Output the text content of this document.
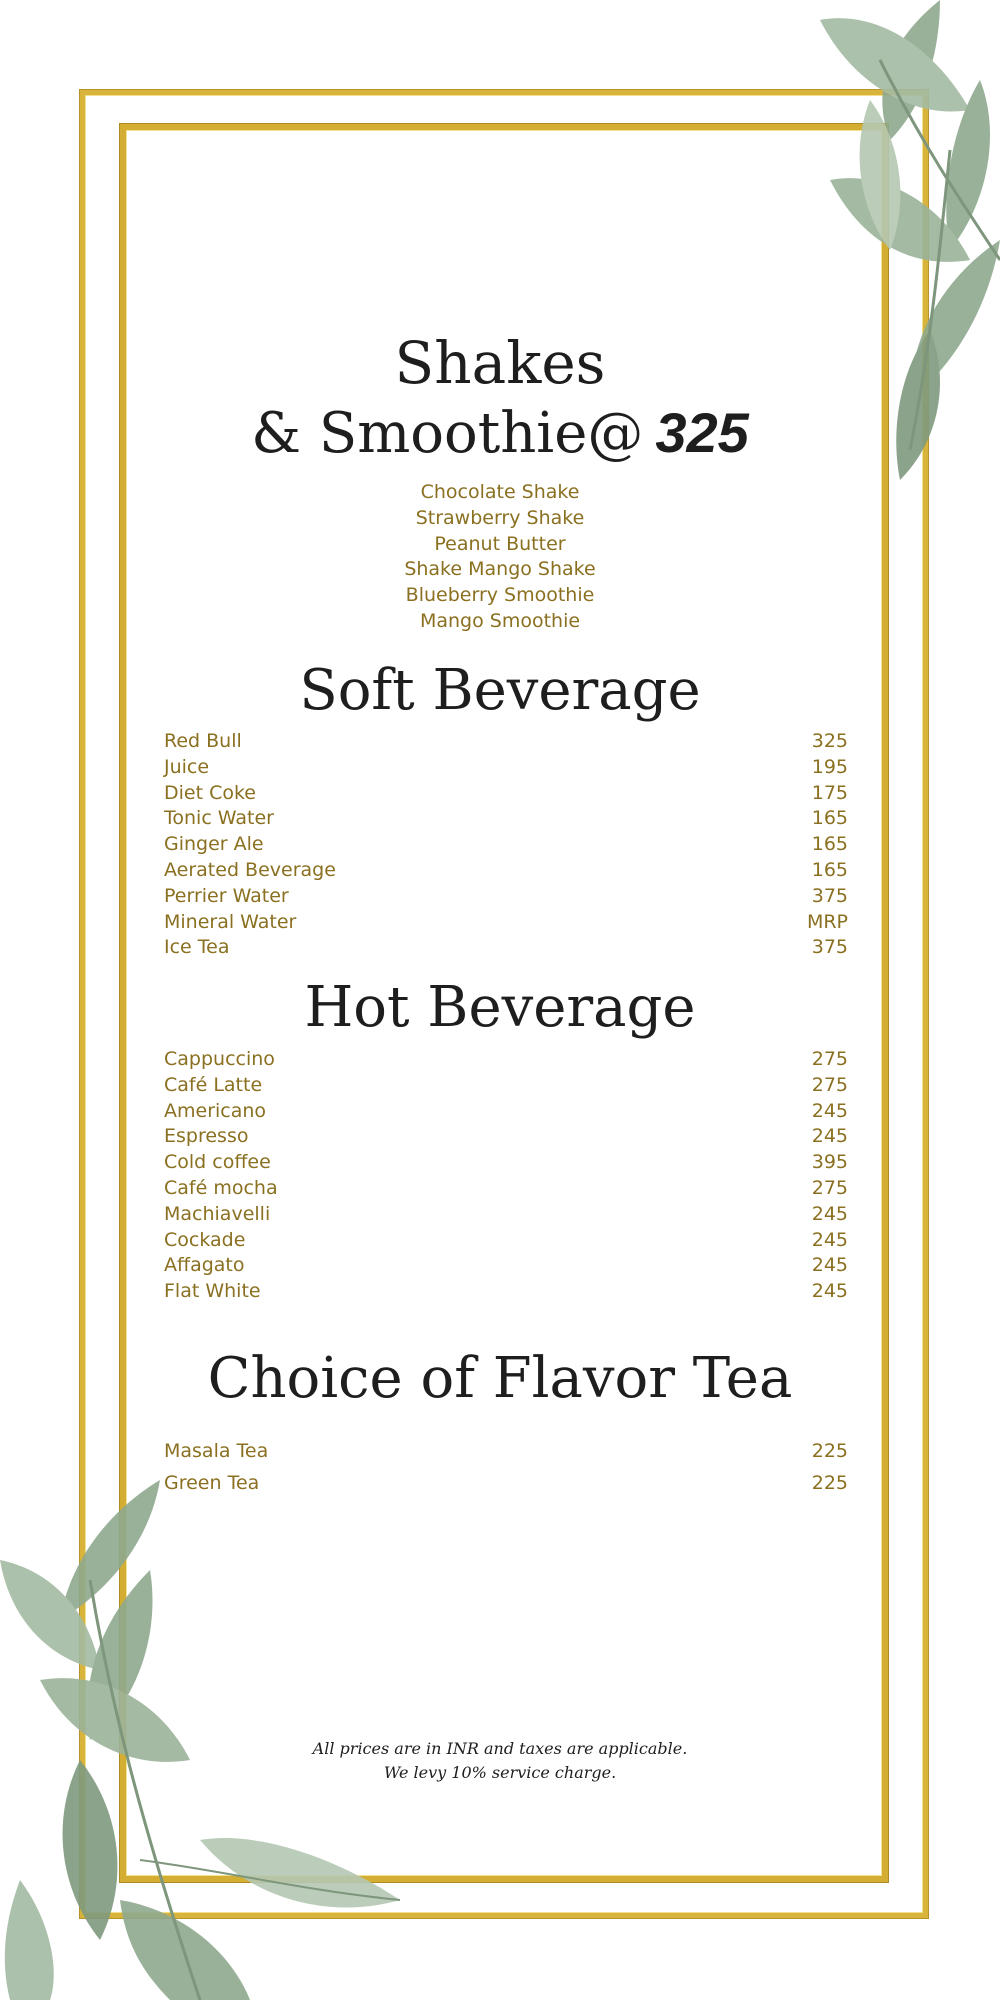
Shakes
& Smoothie@ 325
Chocolate Shake
Strawberry Shake
Peanut Butter
Shake Mango Shake
Blueberry Smoothie
Mango Smoothie
Soft Beverage
Red Bull	325
Juice	195
Diet Coke	175
Tonic Water	165
Ginger Ale	165
Aerated Beverage	165
Perrier Water	375
Mineral Water	MRP
Ice Tea	375
Hot Beverage
Cappuccino	275
Café Latte	275
Americano	245
Espresso	245
Cold coffee	395
Café mocha	275
Machiavelli	245
Cockade	245
Affagato	245
Flat White	245
Choice of Flavor Tea
Masala Tea	225
Green Tea	225
All prices are in INR and taxes are applicable.
We levy 10% service charge.
